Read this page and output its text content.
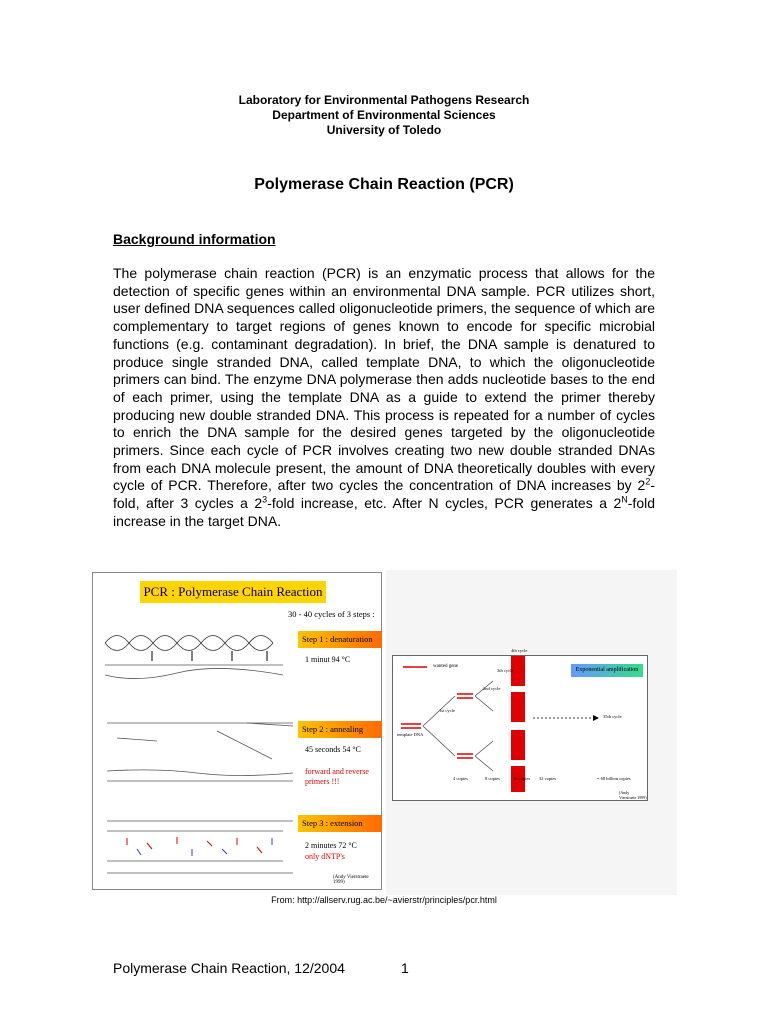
Laboratory for Environmental Pathogens Research
Department of Environmental Sciences
University of Toledo
Polymerase Chain Reaction (PCR)
Background information
The polymerase chain reaction (PCR) is an enzymatic process that allows for the detection of specific genes within an environmental DNA sample. PCR utilizes short, user defined DNA sequences called oligonucleotide primers, the sequence of which are complementary to target regions of genes known to encode for specific microbial functions (e.g. contaminant degradation). In brief, the DNA sample is denatured to produce single stranded DNA, called template DNA, to which the oligonucleotide primers can bind. The enzyme DNA polymerase then adds nucleotide bases to the end of each primer, using the template DNA as a guide to extend the primer thereby producing new double stranded DNA. This process is repeated for a number of cycles to enrich the DNA sample for the desired genes targeted by the oligonucleotide primers. Since each cycle of PCR involves creating two new double stranded DNAs from each DNA molecule present, the amount of DNA theoretically doubles with every cycle of PCR. Therefore, after two cycles the concentration of DNA increases by $2^2$-fold, after 3 cycles a $2^3$-fold increase, etc. After N cycles, PCR generates a $2^N$-fold increase in the target DNA.
PCR : Polymerase Chain Reaction
30 - 40 cycles of 3 steps :
Step 1 : denaturation
1 minut 94 °C
Step 2 : annealing
45 seconds 54 °C
forward and reverse
primers !!!
Step 3 : extension
2 minutes 72 °C
only dNTP's
(Andy Vierstraete 1999)
wanted gene
template DNA
1st cycle
2nd cycle
3th cycle
4th cycle
35th cycle
Exponential amplification
4 copies	8 copies	16 copies 32 copies	= 68 billion copies
(Andy Vierstraete 1999)
From: http://allserv.rug.ac.be/~avierstr/principles/pcr.html
Polymerase Chain Reaction, 12/2004	1
